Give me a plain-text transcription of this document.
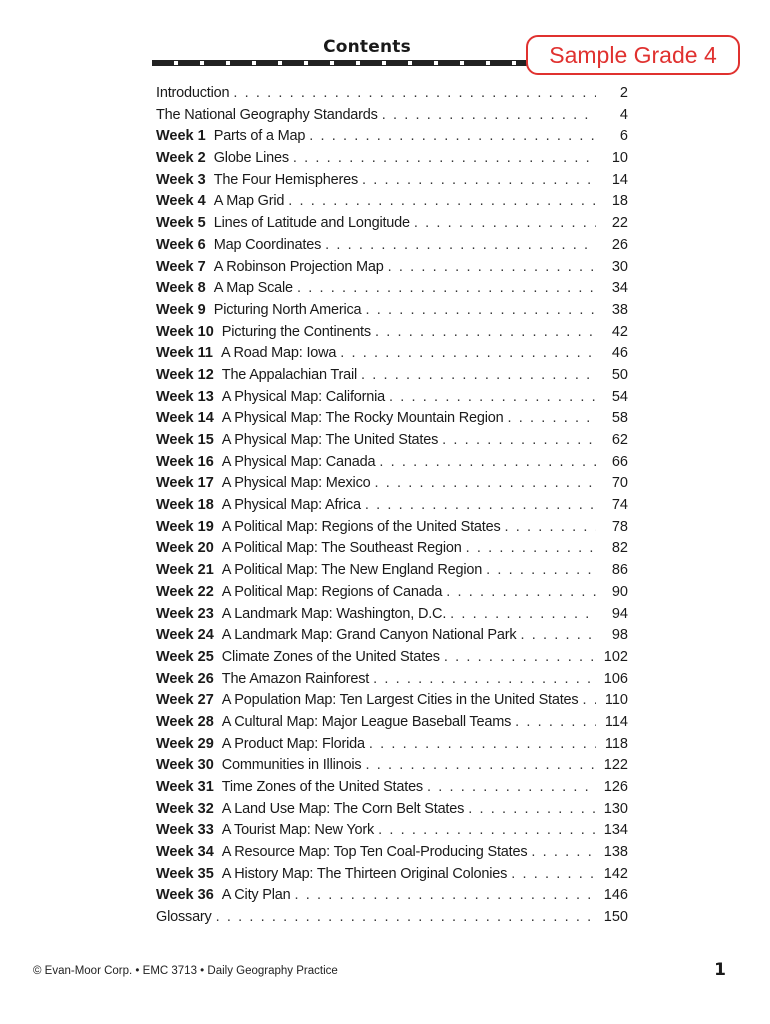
Contents	Sample Grade 4
Introduction . . .	2
The National Geography Standards . . .	4
Week 1 Parts of a Map . . .	6
Week 2 Globe Lines . . .	10
Week 3 The Four Hemispheres . . .	14
Week 4 A Map Grid . . .	18
Week 5 Lines of Latitude and Longitude . . .	22
Week 6 Map Coordinates . . .	26
Week 7 A Robinson Projection Map . . .	30
Week 8 A Map Scale . . .	34
Week 9 Picturing North America . . .	38
Week 10 Picturing the Continents . . .	42
Week 11 A Road Map: Iowa . . .	46
Week 12 The Appalachian Trail . . .	50
Week 13 A Physical Map: California . . .	54
Week 14 A Physical Map: The Rocky Mountain Region . . .	58
Week 15 A Physical Map: The United States . . .	62
Week 16 A Physical Map: Canada . . .	66
Week 17 A Physical Map: Mexico . . .	70
Week 18 A Physical Map: Africa . . .	74
Week 19 A Political Map: Regions of the United States . . .	78
Week 20 A Political Map: The Southeast Region . . .	82
Week 21 A Political Map: The New England Region . . .	86
Week 22 A Political Map: Regions of Canada . . .	90
Week 23 A Landmark Map: Washington, D.C. . . .	94
Week 24 A Landmark Map: Grand Canyon National Park . . .	98
Week 25 Climate Zones of the United States . . .	102
Week 26 The Amazon Rainforest . . .	106
Week 27 A Population Map: Ten Largest Cities in the United States . . .	110
Week 28 A Cultural Map: Major League Baseball Teams . . .	114
Week 29 A Product Map: Florida . . .	118
Week 30 Communities in Illinois . . .	122
Week 31 Time Zones of the United States . . .	126
Week 32 A Land Use Map: The Corn Belt States . . .	130
Week 33 A Tourist Map: New York . . .	134
Week 34 A Resource Map: Top Ten Coal-Producing States . . .	138
Week 35 A History Map: The Thirteen Original Colonies . . .	142
Week 36 A City Plan . . .	146
Glossary . . .	150
© Evan-Moor Corp. • EMC 3713 • Daily Geography Practice	1
